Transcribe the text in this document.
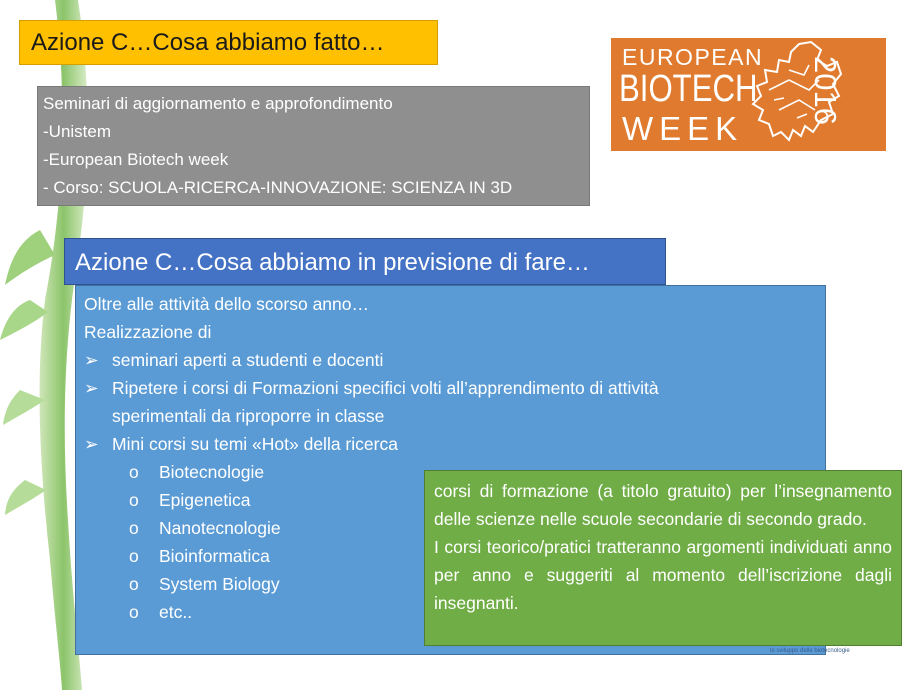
Azione C…Cosa abbiamo fatto…
Seminari di aggiornamento e approfondimento
-Unistem
-European Biotech week
- Corso: SCUOLA-RICERCA-INNOVAZIONE: SCIENZA IN 3D
EUROPEAN
BIOTECH
WEEK
2016
Azione C…Cosa abbiamo in previsione di fare…
Oltre alle attività dello scorso anno…
Realizzazione di
➢ seminari aperti a studenti e docenti
➢ Ripetere i corsi di Formazioni specifici volti all’apprendimento di attività
sperimentali da riproporre in classe
➢ Mini corsi su temi «Hot» della ricerca
o Biotecnologie
o Epigenetica
o Nanotecnologie
o Bioinformatica
o System Biology
o etc..

corsi di formazione (a titolo gratuito) per l’insegnamento delle scienze nelle scuole secondarie di secondo grado.

I corsi teorico/pratici tratteranno argomenti individuati anno per anno e suggeriti al momento dell’iscrizione dagli insegnanti.

lo sviluppo delle biotecnologie
